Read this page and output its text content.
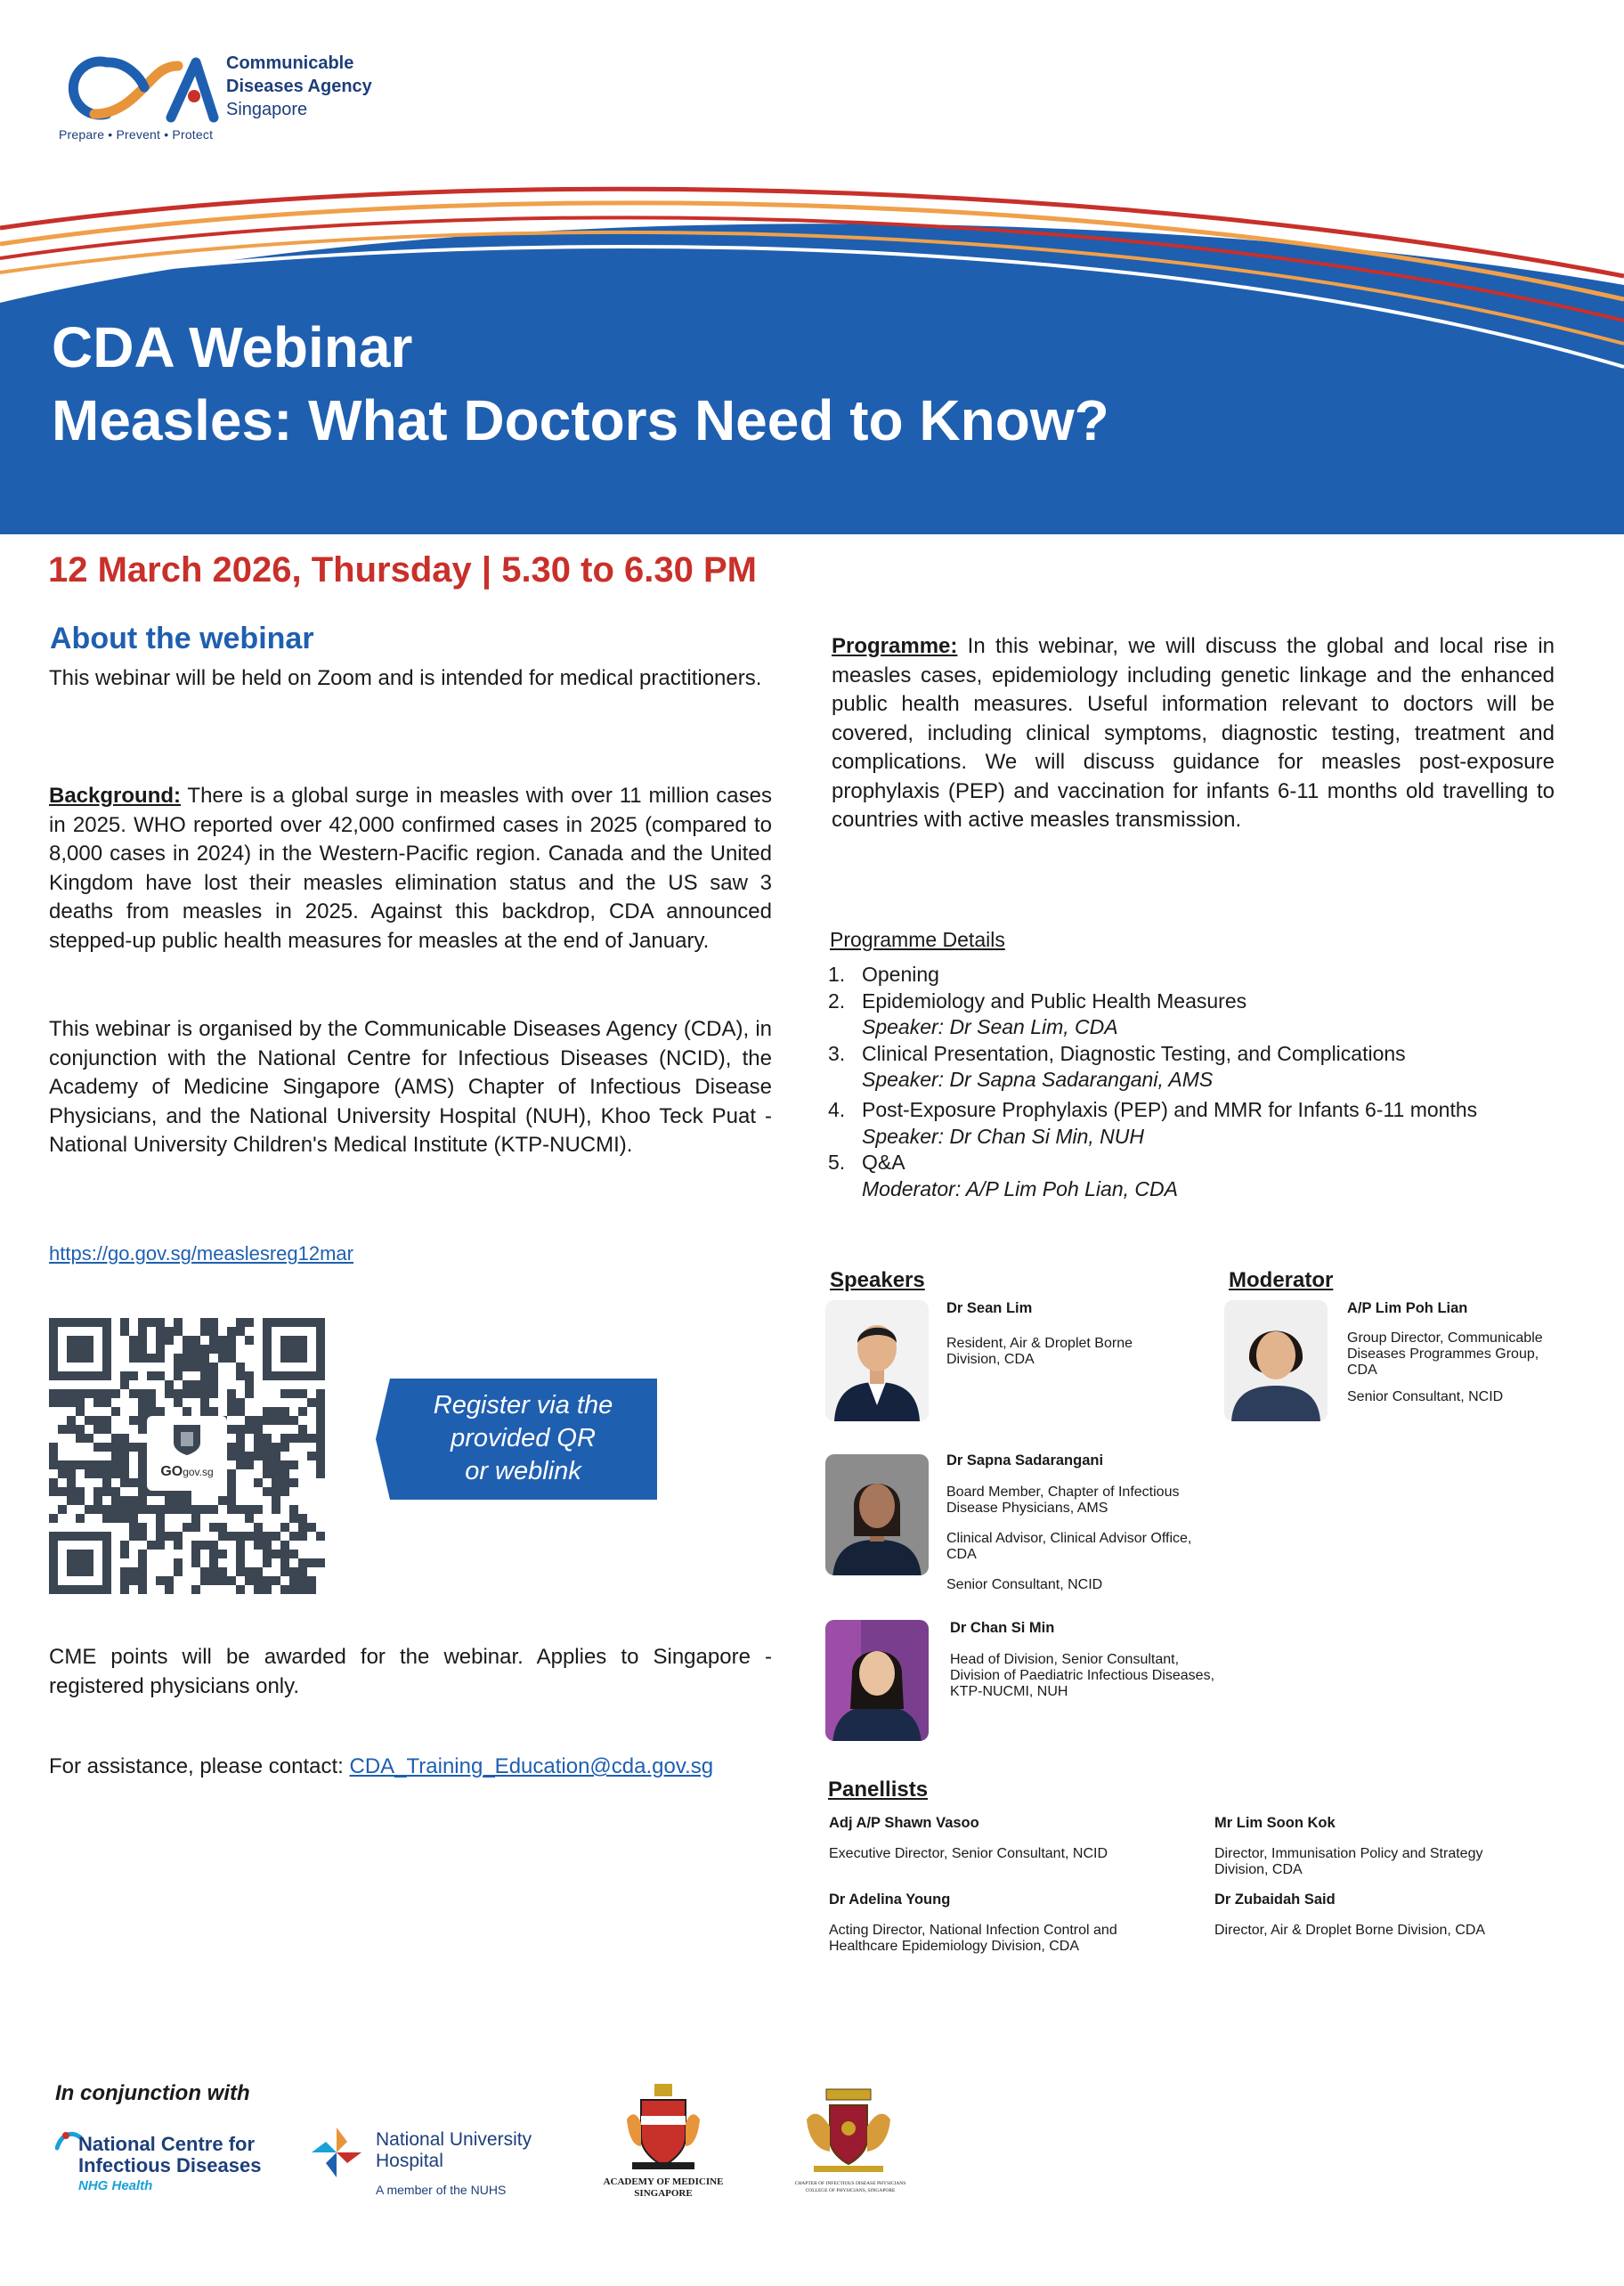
Communicable
Diseases Agency
Singapore
Prepare • Prevent • Protect
CDA Webinar
Measles: What Doctors Need to Know?
12 March 2026, Thursday | 5.30 to 6.30 PM
About the webinar
This webinar will be held on Zoom and is intended for medical practitioners.
Background: There is a global surge in measles with over 11 million cases in 2025. WHO reported over 42,000 confirmed cases in 2025 (compared to 8,000 cases in 2024) in the Western-Pacific region. Canada and the United Kingdom have lost their measles elimination status and the US saw 3 deaths from measles in 2025. Against this backdrop, CDA announced stepped-up public health measures for measles at the end of January.
This webinar is organised by the Communicable Diseases Agency (CDA), in conjunction with the National Centre for Infectious Diseases (NCID), the Academy of Medicine Singapore (AMS) Chapter of Infectious Disease Physicians, and the National University Hospital (NUH), Khoo Teck Puat - National University Children's Medical Institute (KTP-NUCMI).
https://go.gov.sg/measlesreg12mar
Register via the
provided QR
or weblink
CME points will be awarded for the webinar. Applies to Singapore - registered physicians only.
For assistance, please contact: CDA_Training_Education@cda.gov.sg
Programme: In this webinar, we will discuss the global and local rise in measles cases, epidemiology including genetic linkage and the enhanced public health measures. Useful information relevant to doctors will be covered, including clinical symptoms, diagnostic testing, treatment and complications. We will discuss guidance for measles post-exposure prophylaxis (PEP) and vaccination for infants 6-11 months old travelling to countries with active measles transmission.
Programme Details
1. Opening
2. Epidemiology and Public Health Measures
Speaker: Dr Sean Lim, CDA
3. Clinical Presentation, Diagnostic Testing, and Complications
Speaker: Dr Sapna Sadarangani, AMS
4. Post-Exposure Prophylaxis (PEP) and MMR for Infants 6-11 months
Speaker: Dr Chan Si Min, NUH
5. Q&A
Moderator: A/P Lim Poh Lian, CDA
Speakers	Moderator
Dr Sean Lim
Resident, Air & Droplet Borne Division, CDA
Dr Sapna Sadarangani
Board Member, Chapter of Infectious Disease Physicians, AMS
Clinical Advisor, Clinical Advisor Office, CDA
Senior Consultant, NCID
Dr Chan Si Min
Head of Division, Senior Consultant, Division of Paediatric Infectious Diseases, KTP-NUCMI, NUH
A/P Lim Poh Lian
Group Director, Communicable Diseases Programmes Group, CDA
Senior Consultant, NCID
Panellists
Adj A/P Shawn Vasoo
Executive Director, Senior Consultant, NCID
Mr Lim Soon Kok
Director, Immunisation Policy and Strategy Division, CDA
Dr Adelina Young
Acting Director, National Infection Control and Healthcare Epidemiology Division, CDA
Dr Zubaidah Said
Director, Air & Droplet Borne Division, CDA
In conjunction with
National Centre for
Infectious Diseases
NHG Health
National University
Hospital
A member of the NUHS
ACADEMY OF MEDICINE
SINGAPORE
CHAPTER OF INFECTIOUS DISEASE PHYSICIANS
COLLEGE OF PHYSICIANS, SINGAPORE
GOgov.sg
